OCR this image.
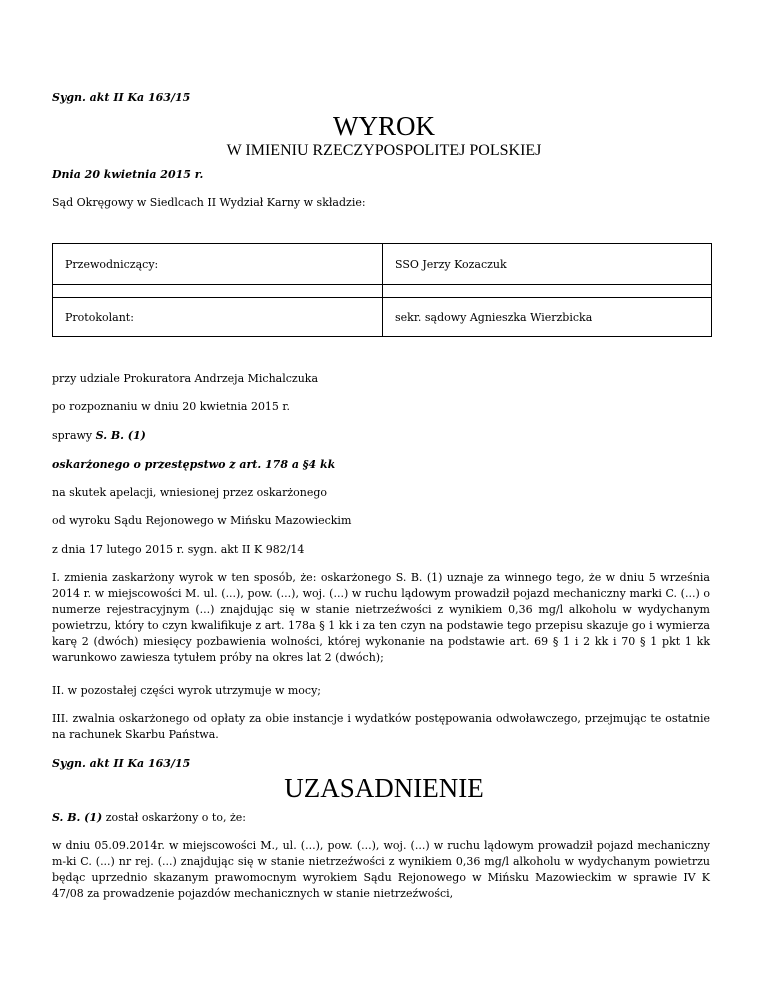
Sygn. akt II Ka 163/15

WYROK

W IMIENIU RZECZYPOSPOLITEJ POLSKIEJ

Dnia 20 kwietnia 2015 r.

Sąd Okręgowy w Siedlcach II Wydział Karny w składzie:

Przewodniczący:	SSO Jerzy Kozaczuk

Protokolant:	sekr. sądowy Agnieszka Wierzbicka

przy udziale Prokuratora Andrzeja Michalczuka

po rozpoznaniu w dniu 20 kwietnia 2015 r.

sprawy S. B. (1)

oskarżonego o przestępstwo z art. 178 a §4 kk

na skutek apelacji, wniesionej przez oskarżonego

od wyroku Sądu Rejonowego w Mińsku Mazowieckim

z dnia 17 lutego 2015 r. sygn. akt II K 982/14

I. zmienia zaskarżony wyrok w ten sposób, że: oskarżonego S. B. (1) uznaje za winnego tego, że w dniu 5 września 2014 r. w miejscowości M. ul. (...), pow. (...), woj. (...) w ruchu lądowym prowadził pojazd mechaniczny marki C. (...) o numerze rejestracyjnym (...) znajdując się w stanie nietrzeźwości z wynikiem 0,36 mg/l alkoholu w wydychanym powietrzu, który to czyn kwalifikuje z art. 178a § 1 kk i za ten czyn na podstawie tego przepisu skazuje go i wymierza karę 2 (dwóch) miesięcy pozbawienia wolności, której wykonanie na podstawie art. 69 § 1 i 2 kk i 70 § 1 pkt 1 kk warunkowo zawiesza tytułem próby na okres lat 2 (dwóch);

II. w pozostałej części wyrok utrzymuje w mocy;

III. zwalnia oskarżonego od opłaty za obie instancje i wydatków postępowania odwoławczego, przejmując te ostatnie na rachunek Skarbu Państwa.

Sygn. akt II Ka 163/15

UZASADNIENIE

S. B. (1) został oskarżony o to, że:

w dniu 05.09.2014r. w miejscowości M., ul. (...), pow. (...), woj. (...) w ruchu lądowym prowadził pojazd mechaniczny m-ki C. (...) nr rej. (...) znajdując się w stanie nietrzeźwości z wynikiem 0,36 mg/l alkoholu w wydychanym powietrzu będąc uprzednio skazanym prawomocnym wyrokiem Sądu Rejonowego w Mińsku Mazowieckim w sprawie IV K 47/08 za prowadzenie pojazdów mechanicznych w stanie nietrzeźwości,
